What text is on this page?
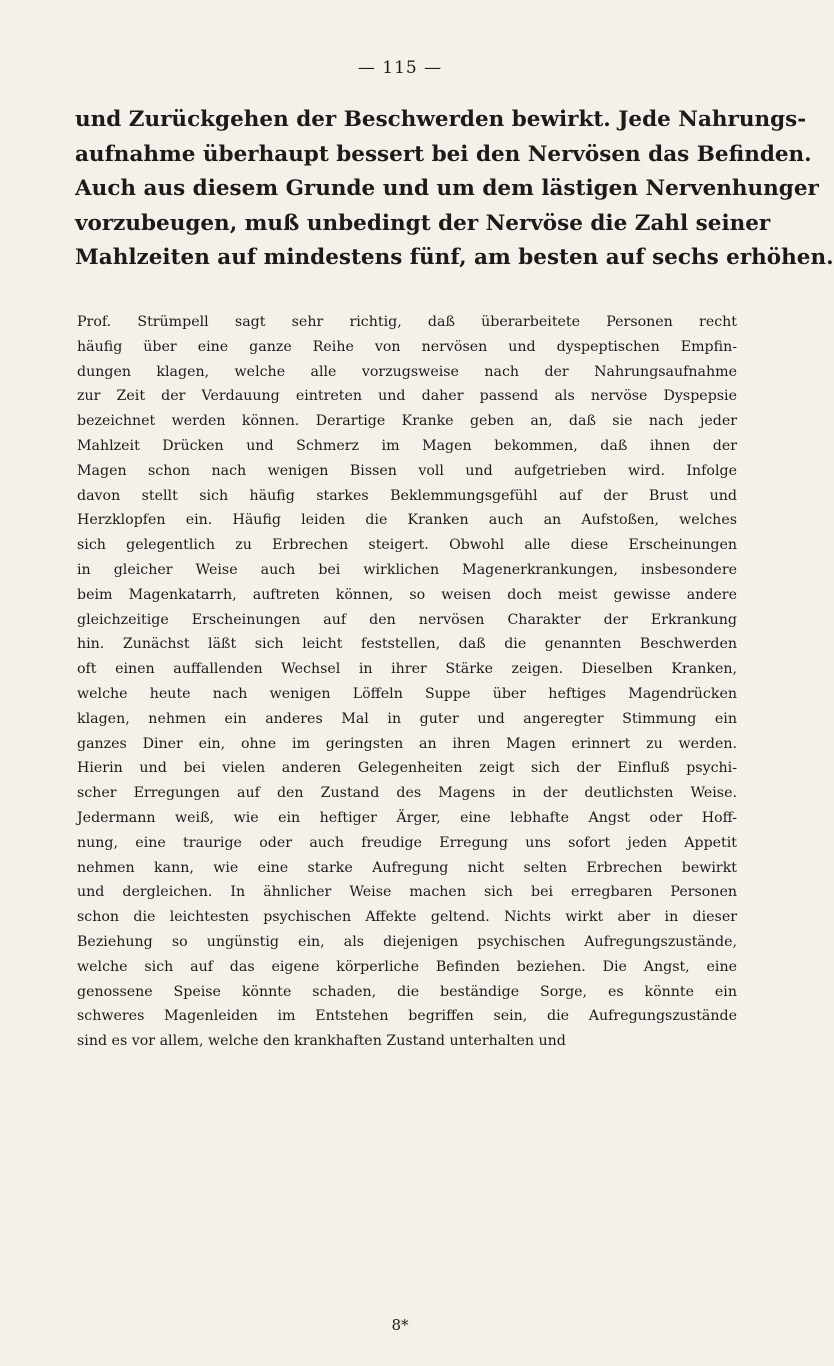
— 115 —
und Zurückgehen der Beschwerden bewirkt. Jede Nahrungs-
aufnahme überhaupt bessert bei den Nervösen das Befinden.
Auch aus diesem Grunde und um dem lästigen Nervenhunger
vorzubeugen, muß unbedingt der Nervöse die Zahl seiner
Mahlzeiten auf mindestens fünf, am besten auf sechs erhöhen.
Prof. Strümpell sagt sehr richtig, daß überarbeitete Personen recht
häufig über eine ganze Reihe von nervösen und dyspeptischen Empfin-
dungen klagen, welche alle vorzugsweise nach der Nahrungsaufnahme
zur Zeit der Verdauung eintreten und daher passend als nervöse Dyspepsie
bezeichnet werden können. Derartige Kranke geben an, daß sie nach jeder
Mahlzeit Drücken und Schmerz im Magen bekommen, daß ihnen der
Magen schon nach wenigen Bissen voll und aufgetrieben wird. Infolge
davon stellt sich häufig starkes Beklemmungsgefühl auf der Brust und
Herzklopfen ein. Häufig leiden die Kranken auch an Aufstoßen, welches
sich gelegentlich zu Erbrechen steigert. Obwohl alle diese Erscheinungen
in gleicher Weise auch bei wirklichen Magenerkrankungen, insbesondere
beim Magenkatarrh, auftreten können, so weisen doch meist gewisse andere
gleichzeitige Erscheinungen auf den nervösen Charakter der Erkrankung
hin. Zunächst läßt sich leicht feststellen, daß die genannten Beschwerden
oft einen auffallenden Wechsel in ihrer Stärke zeigen. Dieselben Kranken,
welche heute nach wenigen Löffeln Suppe über heftiges Magendrücken
klagen, nehmen ein anderes Mal in guter und angeregter Stimmung ein
ganzes Diner ein, ohne im geringsten an ihren Magen erinnert zu werden.
Hierin und bei vielen anderen Gelegenheiten zeigt sich der Einfluß psychi-
scher Erregungen auf den Zustand des Magens in der deutlichsten Weise.
Jedermann weiß, wie ein heftiger Ärger, eine lebhafte Angst oder Hoff-
nung, eine traurige oder auch freudige Erregung uns sofort jeden Appetit
nehmen kann, wie eine starke Aufregung nicht selten Erbrechen bewirkt
und dergleichen. In ähnlicher Weise machen sich bei erregbaren Personen
schon die leichtesten psychischen Affekte geltend. Nichts wirkt aber in dieser
Beziehung so ungünstig ein, als diejenigen psychischen Aufregungszustände,
welche sich auf das eigene körperliche Befinden beziehen. Die Angst, eine
genossene Speise könnte schaden, die beständige Sorge, es könnte ein
schweres Magenleiden im Entstehen begriffen sein, die Aufregungszustände
sind es vor allem, welche den krankhaften Zustand unterhalten und
8*
